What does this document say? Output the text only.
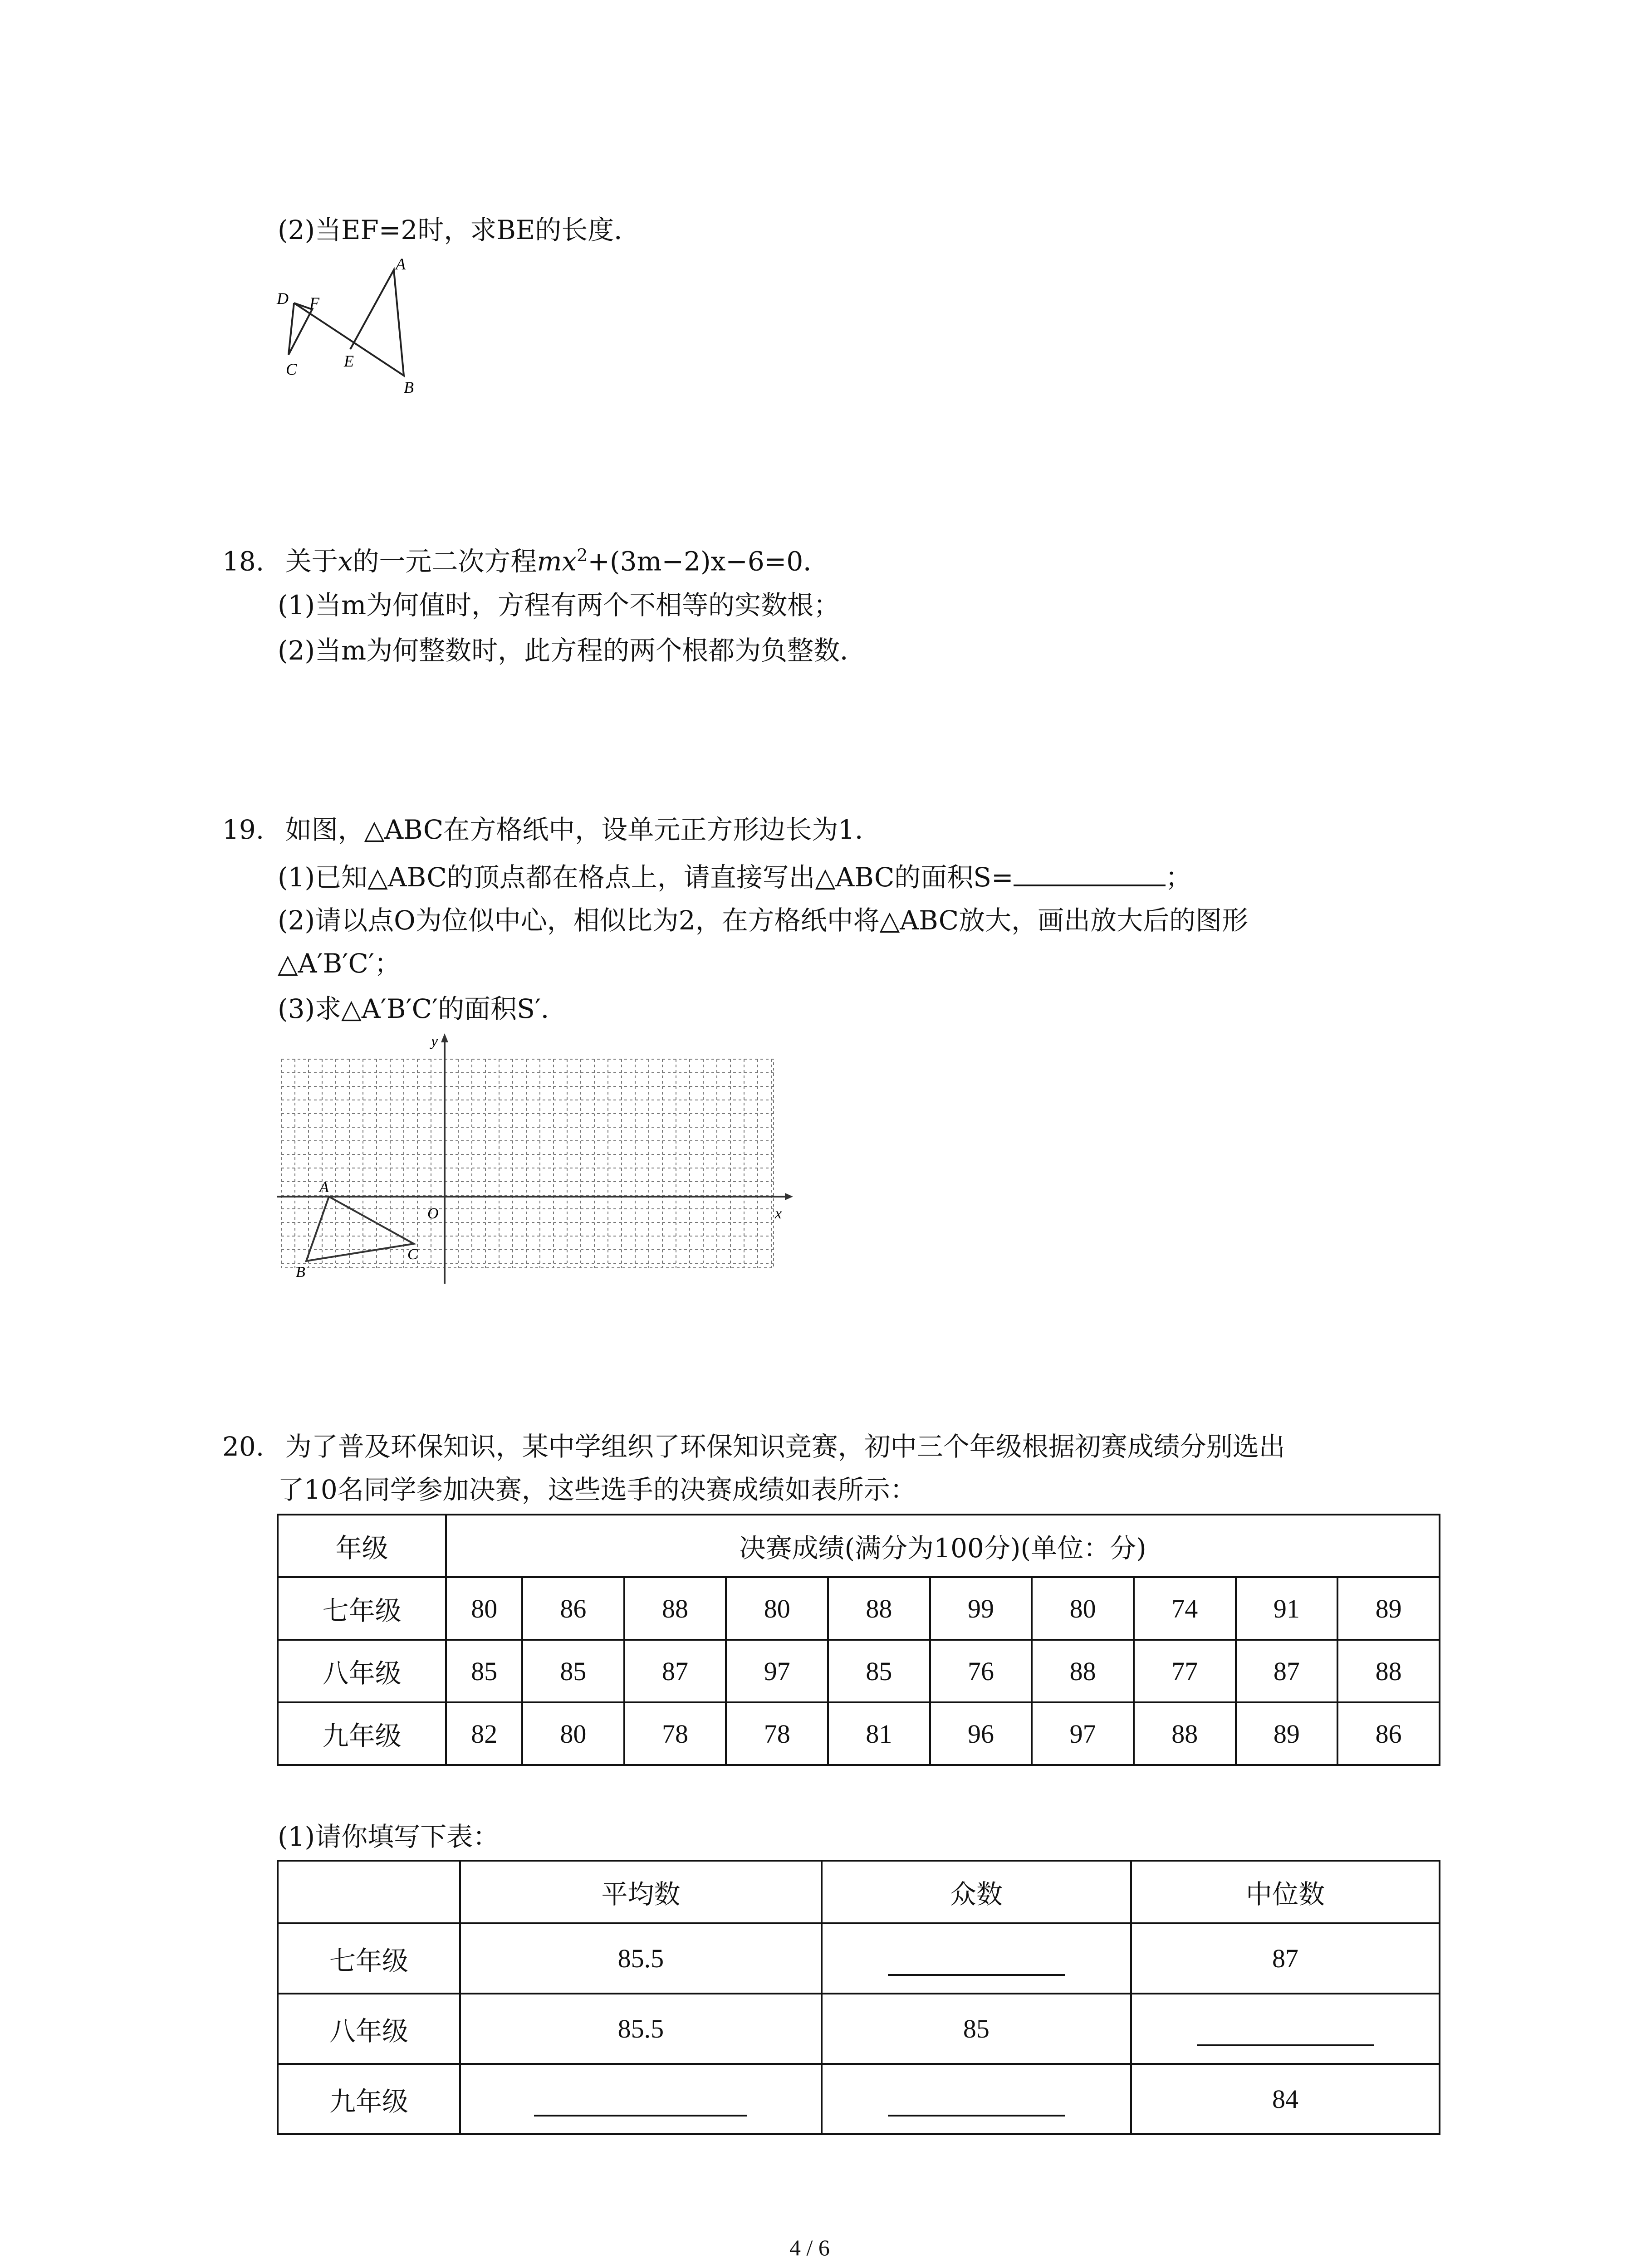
(2)当EF=2时，求BE的长度．
A
D F
C	E
B
18. 关于x的一元二次方程$mx^2+(3m-2)x-6=0$．
(1)当m为何值时，方程有两个不相等的实数根；
(2)当m为何整数时，此方程的两个根都为负整数．
19. 如图，△ABC在方格纸中，设单元正方形边长为1．
(1)已知△ABC的顶点都在格点上，请直接写出△ABC的面积S=	；
(2)请以点O为位似中心，相似比为2，在方格纸中将△ABC放大，画出放大后的图形
△A′B′C′；
(3)求△A′B′C′的面积S′．
y
x
O
A
B
C
20. 为了普及环保知识，某中学组织了环保知识竞赛，初中三个年级根据初赛成绩分别选出
了10名同学参加决赛，这些选手的决赛成绩如表所示：
年级	决赛成绩(满分为100分)(单位：分)									
七年级	80	86	88	80	88	99	80	74	91	89
八年级	85	85	87	97	85	76	88	77	87	88
九年级	82	80	78	78	81	96	97	88	89	86
(1)请你填写下表：
	平均数	众数	中位数
七年级	85.5		87
八年级	85.5	85	
九年级			84
4 / 6
